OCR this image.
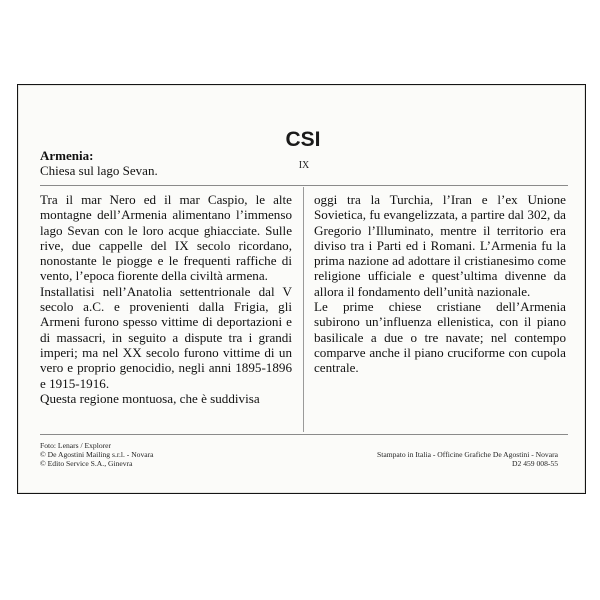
CSI
IX
Armenia:
Chiesa sul lago Sevan.

Tra il mar Nero ed il mar Caspio, le alte montagne dell’Armenia alimentano l’immenso lago Sevan con le loro acque ghiacciate. Sulle rive, due cappelle del IX secolo ricordano, nonostante le piogge e le frequenti raffiche di vento, l’epoca fiorente della civiltà armena.

Installatisi nell’Anatolia settentrionale dal V secolo a.C. e provenienti dalla Frigia, gli Armeni furono spesso vittime di deportazioni e di massacri, in seguito a dispute tra i grandi imperi; ma nel XX secolo furono vittime di un vero e proprio genocidio, negli anni 1895-1896 e 1915-1916.

Questa regione montuosa, che è suddivisa

oggi tra la Turchia, l’Iran e l’ex Unione Sovietica, fu evangelizzata, a partire dal 302, da Gregorio l’Illuminato, mentre il territorio era diviso tra i Parti ed i Romani. L’Armenia fu la prima nazione ad adottare il cristianesimo come religione ufficiale e quest’ultima divenne da allora il fondamento dell’unità nazionale.

Le prime chiese cristiane dell’Armenia subirono un’influenza ellenistica, con il piano basilicale a due o tre navate; nel contempo comparve anche il piano cruciforme con cupola centrale.

Foto: Lenars / Explorer
© De Agostini Mailing s.r.l. - Novara
© Edito Service S.A., Ginevra
Stampato in Italia - Officine Grafiche De Agostini - Novara
D2 459 008-55
